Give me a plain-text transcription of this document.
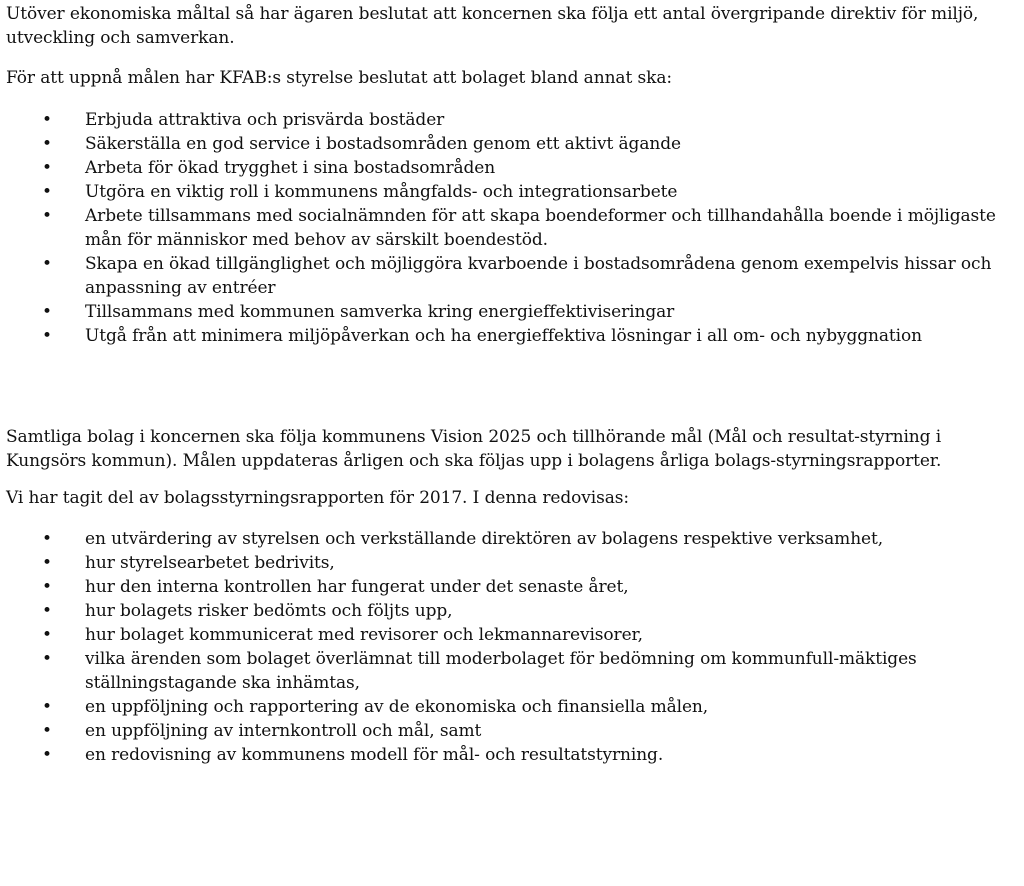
Utöver ekonomiska måltal så har ägaren beslutat att koncernen ska följa ett antal övergripande direktiv för miljö, utveckling och samverkan.

För att uppnå målen har KFAB:s styrelse beslutat att bolaget bland annat ska:

• Erbjuda attraktiva och prisvärda bostäder
• Säkerställa en god service i bostadsområden genom ett aktivt ägande
• Arbeta för ökad trygghet i sina bostadsområden
• Utgöra en viktig roll i kommunens mångfalds- och integrationsarbete
• Arbete tillsammans med socialnämnden för att skapa boendeformer och tillhandahålla boende i möjligaste mån för människor med behov av särskilt boendestöd.
• Skapa en ökad tillgänglighet och möjliggöra kvarboende i bostadsområdena genom exempelvis hissar och anpassning av entréer
• Tillsammans med kommunen samverka kring energieffektiviseringar
• Utgå från att minimera miljöpåverkan och ha energieffektiva lösningar i all om- och nybyggnation

Samtliga bolag i koncernen ska följa kommunens Vision 2025 och tillhörande mål (Mål och resultat-styrning i Kungsörs kommun). Målen uppdateras årligen och ska följas upp i bolagens årliga bolags-styrningsrapporter.

Vi har tagit del av bolagsstyrningsrapporten för 2017. I denna redovisas:

• en utvärdering av styrelsen och verkställande direktören av bolagens respektive verksamhet,
• hur styrelsearbetet bedrivits,
• hur den interna kontrollen har fungerat under det senaste året,
• hur bolagets risker bedömts och följts upp,
• hur bolaget kommunicerat med revisorer och lekmannarevisorer,
• vilka ärenden som bolaget överlämnat till moderbolaget för bedömning om kommunfull-mäktiges ställningstagande ska inhämtas,
• en uppföljning och rapportering av de ekonomiska och finansiella målen,
• en uppföljning av internkontroll och mål, samt
• en redovisning av kommunens modell för mål- och resultatstyrning.
